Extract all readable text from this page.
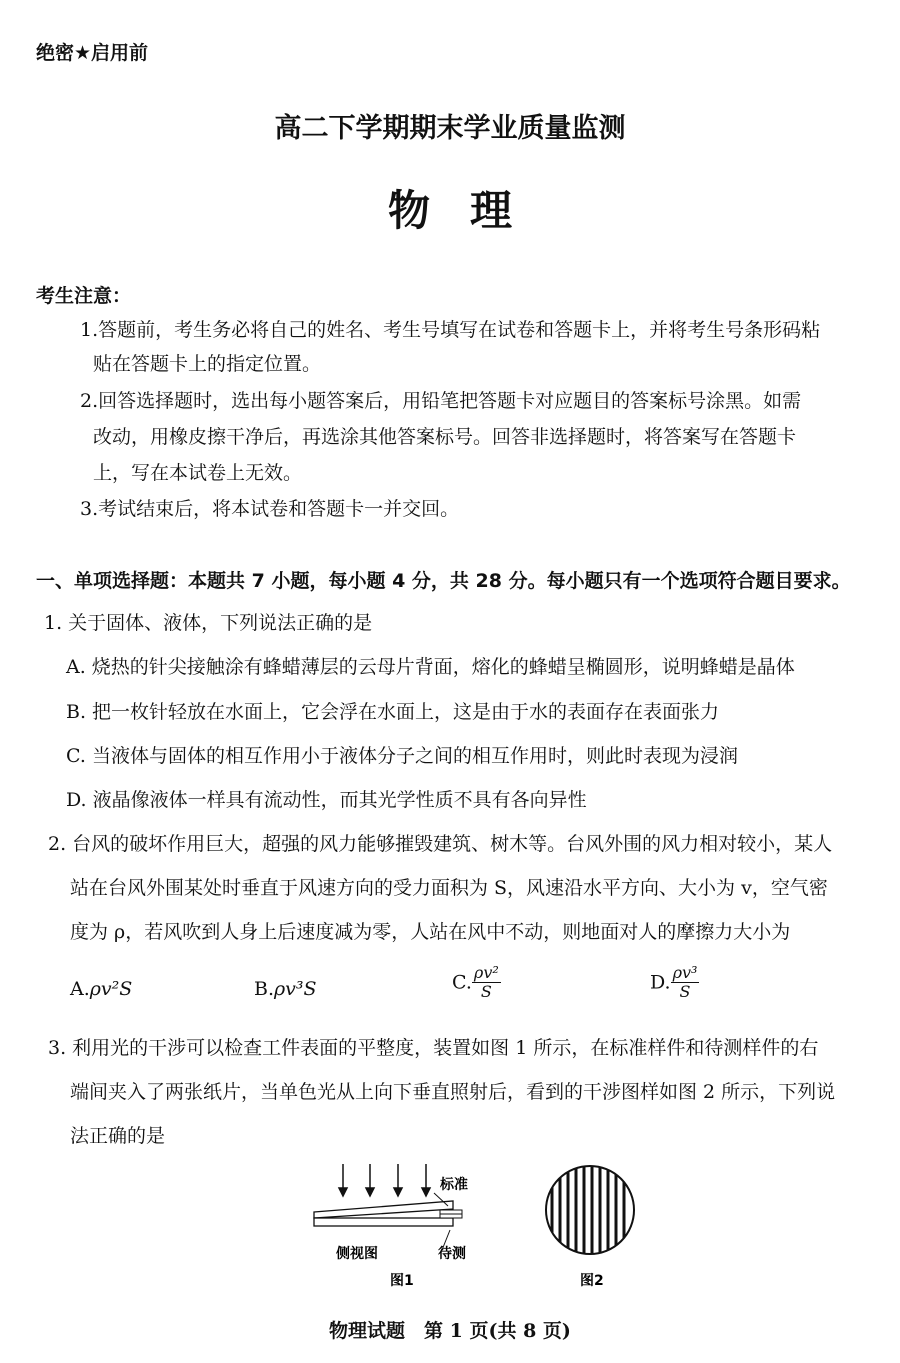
绝密★启用前
高二下学期期末学业质量监测
物理
考生注意：
1.答题前，考生务必将自己的姓名、考生号填写在试卷和答题卡上，并将考生号条形码粘
贴在答题卡上的指定位置。
2.回答选择题时，选出每小题答案后，用铅笔把答题卡对应题目的答案标号涂黑。如需
改动，用橡皮擦干净后，再选涂其他答案标号。回答非选择题时，将答案写在答题卡
上，写在本试卷上无效。
3.考试结束后，将本试卷和答题卡一并交回。
一、单项选择题：本题共 7 小题，每小题 4 分，共 28 分。每小题只有一个选项符合题目要求。
1. 关于固体、液体，下列说法正确的是
A. 烧热的针尖接触涂有蜂蜡薄层的云母片背面，熔化的蜂蜡呈椭圆形，说明蜂蜡是晶体
B. 把一枚针轻放在水面上，它会浮在水面上，这是由于水的表面存在表面张力
C. 当液体与固体的相互作用小于液体分子之间的相互作用时，则此时表现为浸润
D. 液晶像液体一样具有流动性，而其光学性质不具有各向异性
2. 台风的破坏作用巨大，超强的风力能够摧毁建筑、树木等。台风外围的风力相对较小，某人
站在台风外围某处时垂直于风速方向的受力面积为 S，风速沿水平方向、大小为 v，空气密
度为 ρ，若风吹到人身上后速度减为零，人站在风中不动，则地面对人的摩擦力大小为
A.ρv²S	B.ρv³S	C. $\frac{\text{ρv²}}{S}$	D. $\frac{\text{ρv³}}{S}$
3. 利用光的干涉可以检查工件表面的平整度，装置如图 1 所示，在标准样件和待测样件的右
端间夹入了两张纸片，当单色光从上向下垂直照射后，看到的干涉图样如图 2 所示，下列说
法正确的是
标准
侧视图	待测
图1	图2
物理试题　第 1 页(共 8 页)
